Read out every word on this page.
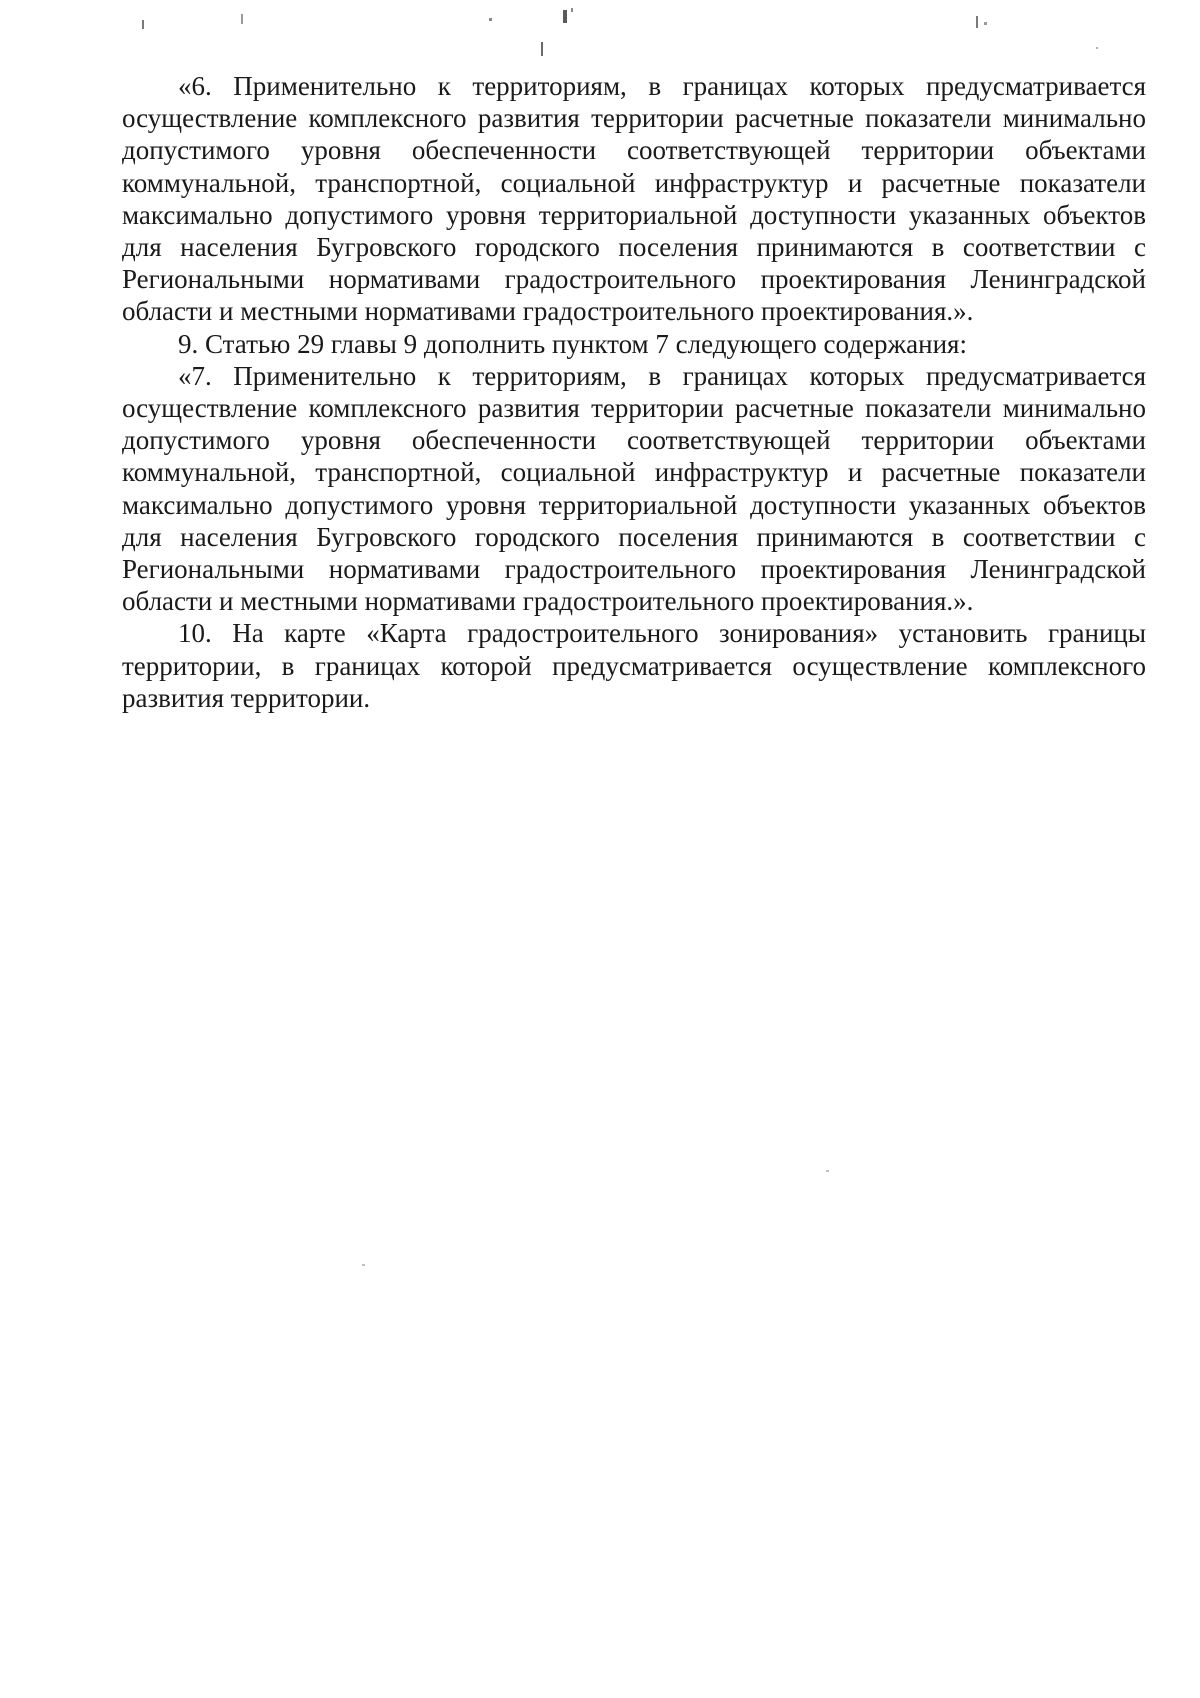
«6. Применительно к территориям, в границах которых предусматривается осуществление комплексного развития территории расчетные показатели минимально допустимого уровня обеспеченности соответствующей территории объектами коммунальной, транспортной, социальной инфраструктур и расчетные показатели максимально допустимого уровня территориальной доступности указанных объектов для населения Бугровского городского поселения принимаются в соответствии с Региональными нормативами градостроительного проектирования Ленинградской области и местными нормативами градостроительного проектирования.».

9. Статью 29 главы 9 дополнить пунктом 7 следующего содержания:

«7. Применительно к территориям, в границах которых предусматривается осуществление комплексного развития территории расчетные показатели минимально допустимого уровня обеспеченности соответствующей территории объектами коммунальной, транспортной, социальной инфраструктур и расчетные показатели максимально допустимого уровня территориальной доступности указанных объектов для населения Бугровского городского поселения принимаются в соответствии с Региональными нормативами градостроительного проектирования Ленинградской области и местными нормативами градостроительного проектирования.».

10. На карте «Карта градостроительного зонирования» установить границы территории, в границах которой предусматривается осуществление комплексного развития территории.
